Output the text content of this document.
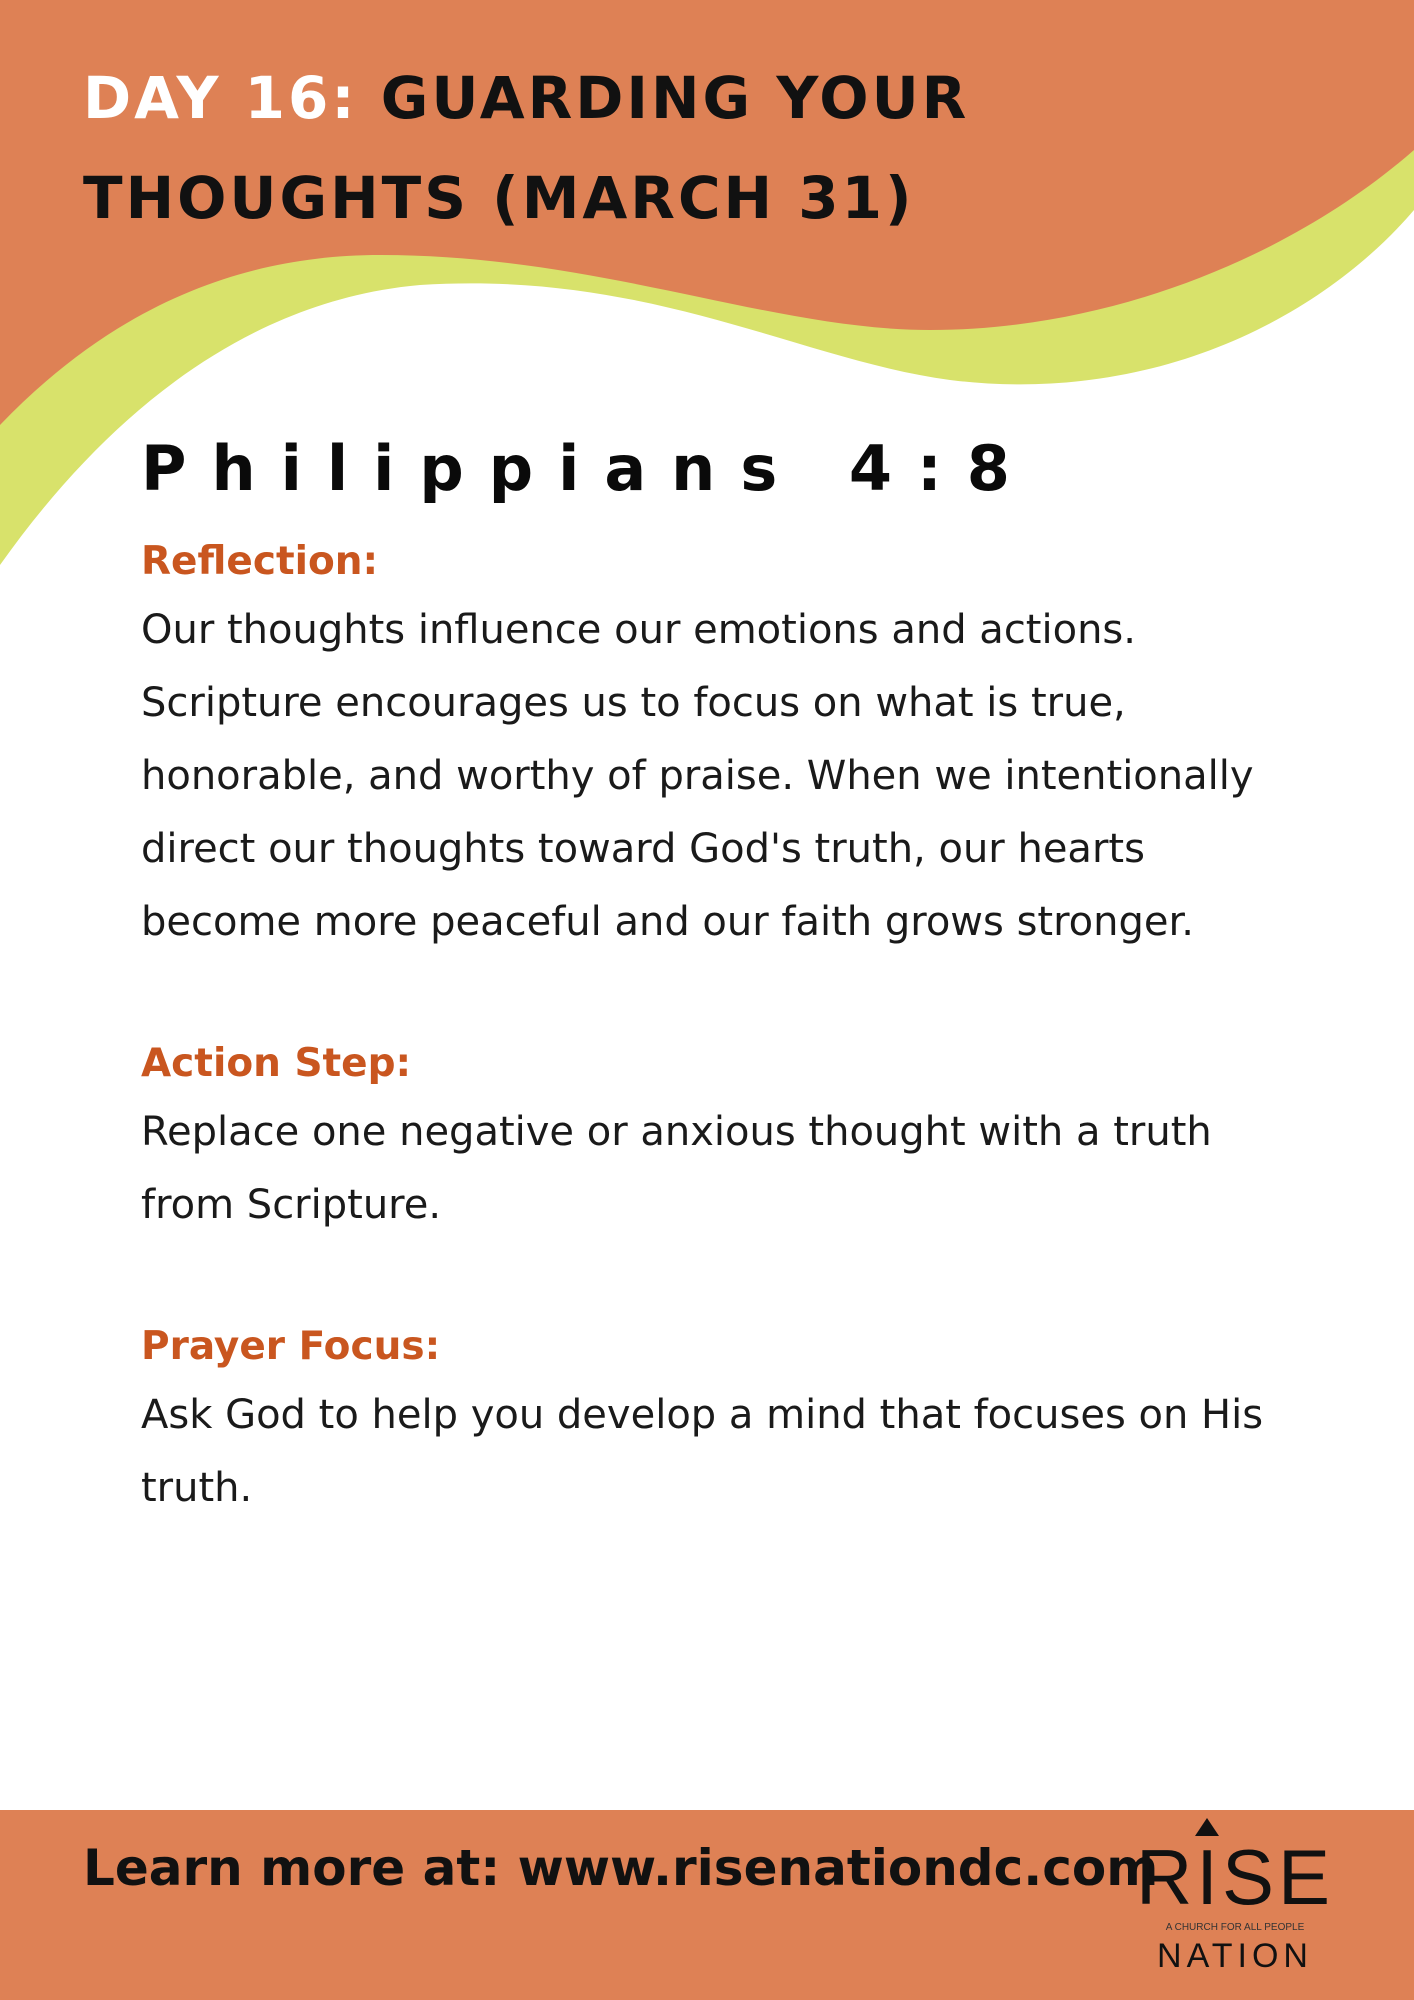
DAY 16: GUARDING YOUR THOUGHTS (MARCH 31)
Philippians 4:8

Reflection:

Our thoughts influence our emotions and actions. Scripture encourages us to focus on what is true, honorable, and worthy of praise. When we intentionally direct our thoughts toward God's truth, our hearts become more peaceful and our faith grows stronger.

Action Step:

Replace one negative or anxious thought with a truth from Scripture.

Prayer Focus:

Ask God to help you develop a mind that focuses on His truth.

Learn more at: www.risenationdc.com
RISE
A CHURCH FOR ALL PEOPLE
NATION
